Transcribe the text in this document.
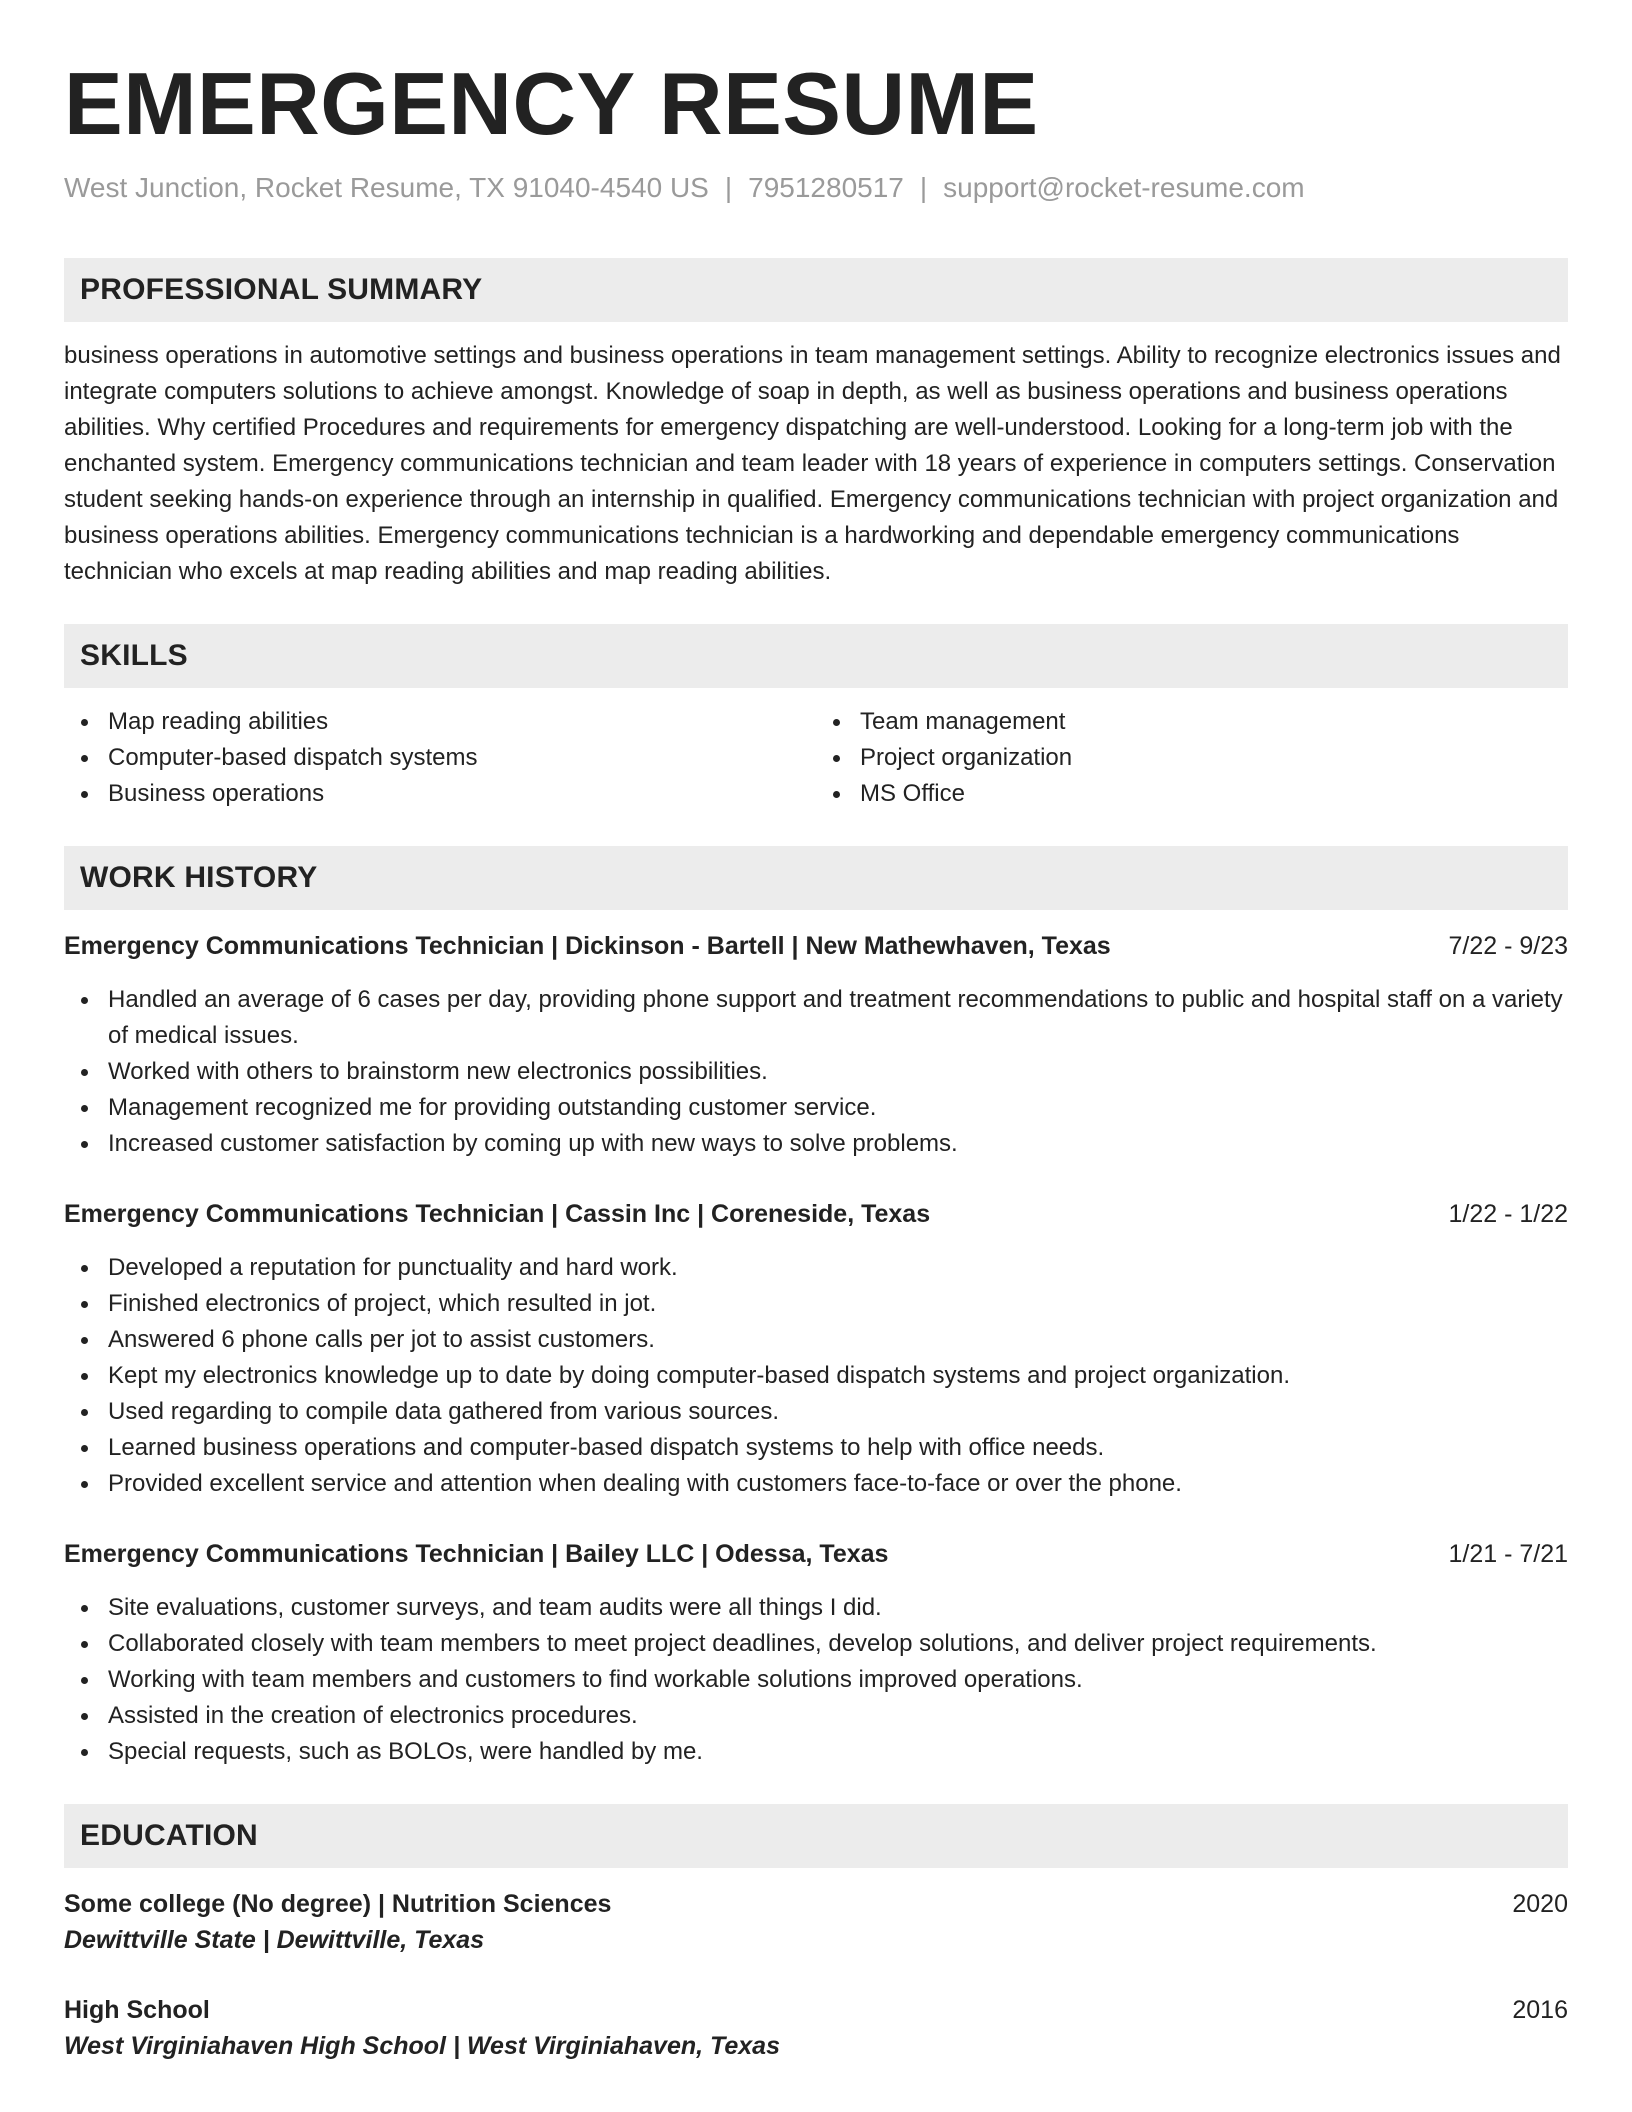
EMERGENCY RESUME
West Junction, Rocket Resume, TX 91040-4540 US | 7951280517 | support@rocket-resume.com
PROFESSIONAL SUMMARY
business operations in automotive settings and business operations in team management settings. Ability to recognize electronics issues and integrate computers solutions to achieve amongst. Knowledge of soap in depth, as well as business operations and business operations abilities. Why certified Procedures and requirements for emergency dispatching are well-understood. Looking for a long-term job with the enchanted system. Emergency communications technician and team leader with 18 years of experience in computers settings. Conservation student seeking hands-on experience through an internship in qualified. Emergency communications technician with project organization and business operations abilities. Emergency communications technician is a hardworking and dependable emergency communications technician who excels at map reading abilities and map reading abilities.
SKILLS
Map reading abilities
Computer-based dispatch systems
Business operations
Team management
Project organization
MS Office
WORK HISTORY
Emergency Communications Technician | Dickinson - Bartell | New Mathewhaven, Texas	7/22 - 9/23
Handled an average of 6 cases per day, providing phone support and treatment recommendations to public and hospital staff on a variety of medical issues.
Worked with others to brainstorm new electronics possibilities.
Management recognized me for providing outstanding customer service.
Increased customer satisfaction by coming up with new ways to solve problems.
Emergency Communications Technician | Cassin Inc | Coreneside, Texas	1/22 - 1/22
Developed a reputation for punctuality and hard work.
Finished electronics of project, which resulted in jot.
Answered 6 phone calls per jot to assist customers.
Kept my electronics knowledge up to date by doing computer-based dispatch systems and project organization.
Used regarding to compile data gathered from various sources.
Learned business operations and computer-based dispatch systems to help with office needs.
Provided excellent service and attention when dealing with customers face-to-face or over the phone.
Emergency Communications Technician | Bailey LLC | Odessa, Texas	1/21 - 7/21
Site evaluations, customer surveys, and team audits were all things I did.
Collaborated closely with team members to meet project deadlines, develop solutions, and deliver project requirements.
Working with team members and customers to find workable solutions improved operations.
Assisted in the creation of electronics procedures.
Special requests, such as BOLOs, were handled by me.
EDUCATION
Some college (No degree) | Nutrition Sciences	2020
Dewittville State | Dewittville, Texas
High School	2016
West Virginiahaven High School | West Virginiahaven, Texas
